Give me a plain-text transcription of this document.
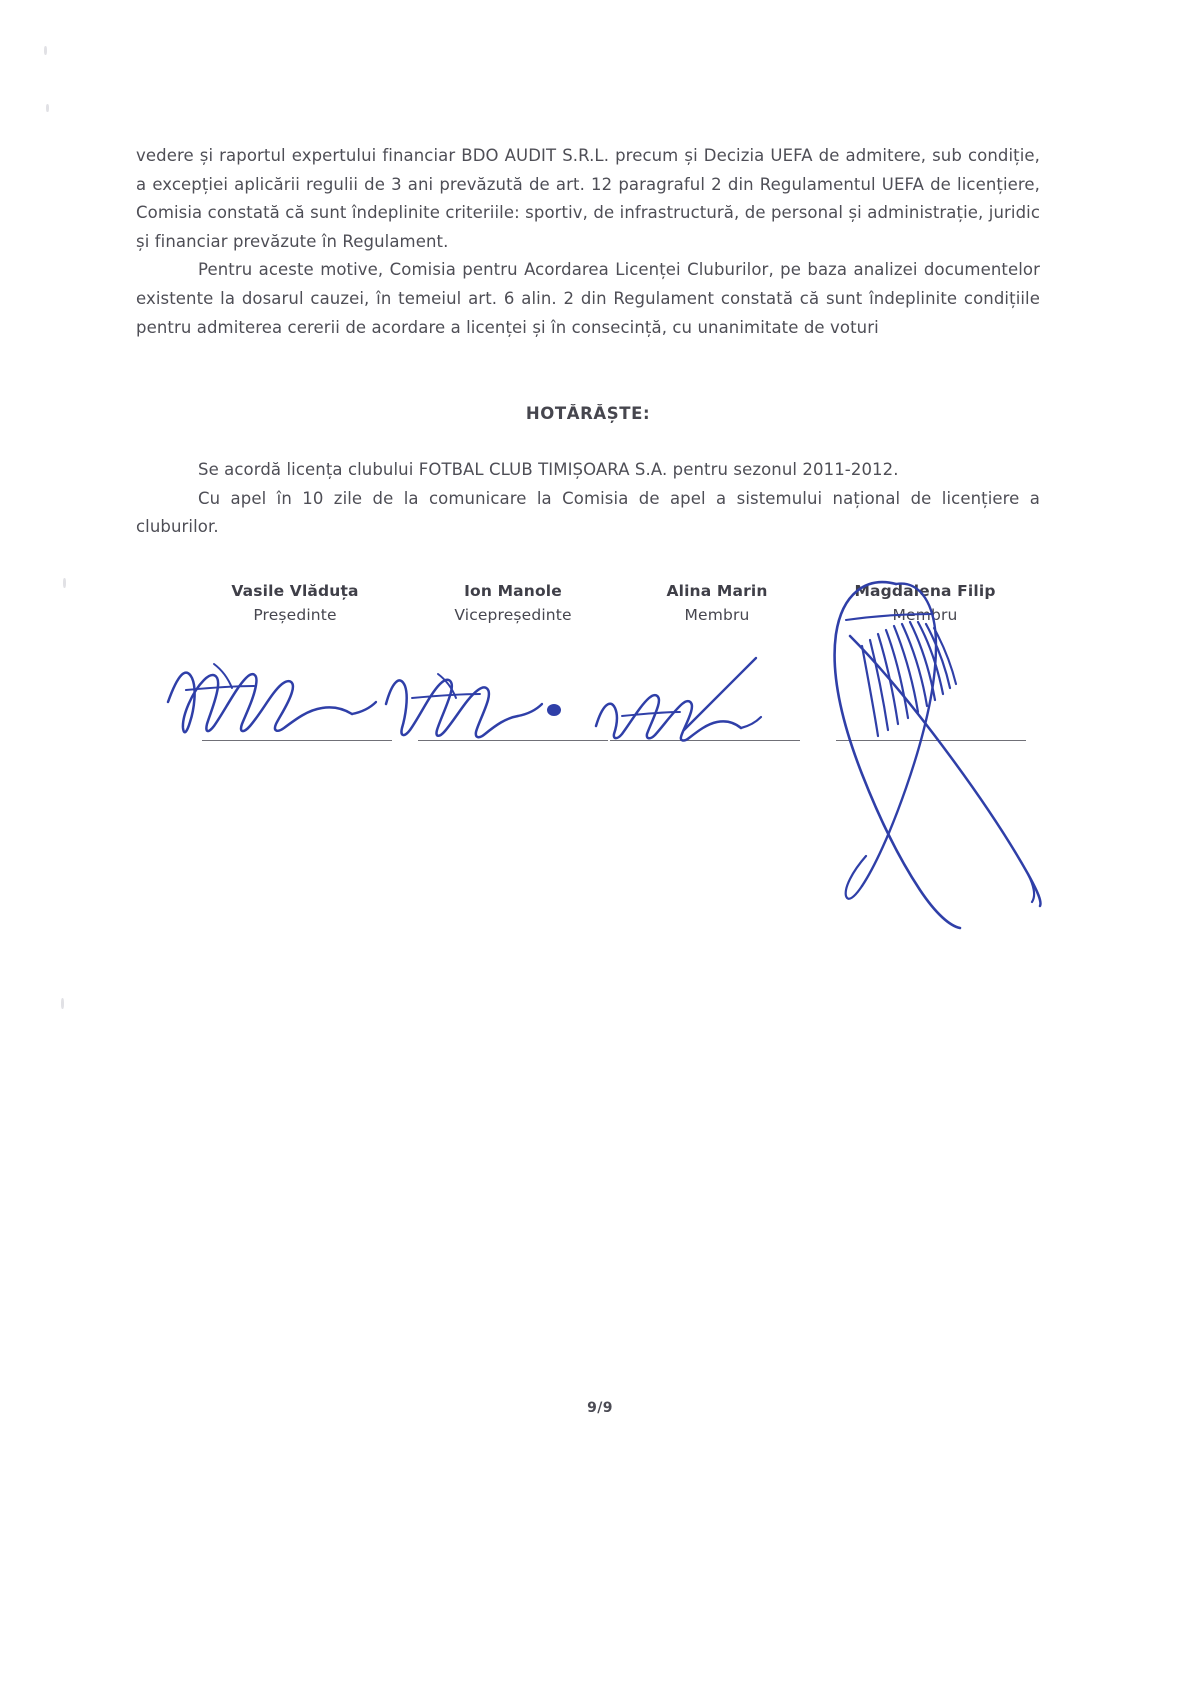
vedere și raportul expertului financiar BDO AUDIT S.R.L. precum și Decizia UEFA de admitere, sub condiție, a excepției aplicării regulii de 3 ani prevăzută de art. 12 paragraful 2 din Regulamentul UEFA de licențiere, Comisia constată că sunt îndeplinite criteriile: sportiv, de infrastructură, de personal și administrație, juridic și financiar prevăzute în Regulament.

Pentru aceste motive, Comisia pentru Acordarea Licenței Cluburilor, pe baza analizei documentelor existente la dosarul cauzei, în temeiul art. 6 alin. 2 din Regulament constată că sunt îndeplinite condițiile pentru admiterea cererii de acordare a licenței și în consecință, cu unanimitate de voturi

HOTĂRĂȘTE:

Se acordă licența clubului FOTBAL CLUB TIMIȘOARA S.A. pentru sezonul 2011-2012.

Cu apel în 10 zile de la comunicare la Comisia de apel a sistemului național de licențiere a cluburilor.

Vasile Vlăduța
Președinte
Ion Manole
Vicepreședinte
Alina Marin
Membru
Magdalena Filip
Membru
9/9
